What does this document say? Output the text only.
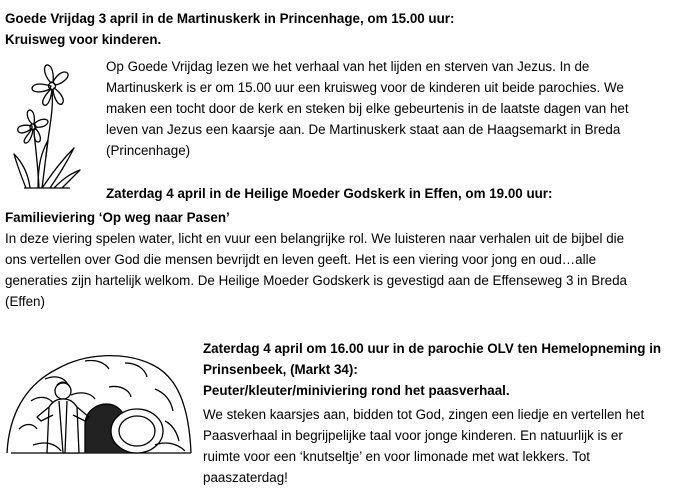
Goede Vrijdag 3 april in de Martinuskerk in Princenhage, om 15.00 uur:
Kruisweg voor kinderen.
Op Goede Vrijdag lezen we het verhaal van het lijden en sterven van Jezus. In de
Martinuskerk is er om 15.00 uur een kruisweg voor de kinderen uit beide parochies. We
maken een tocht door de kerk en steken bij elke gebeurtenis in de laatste dagen van het
leven van Jezus een kaarsje aan. De Martinuskerk staat aan de Haagsemarkt in Breda
(Princenhage)
Zaterdag 4 april in de Heilige Moeder Godskerk in Effen, om 19.00 uur:
Familieviering ‘Op weg naar Pasen’
In deze viering spelen water, licht en vuur een belangrijke rol. We luisteren naar verhalen uit de bijbel die
ons vertellen over God die mensen bevrijdt en leven geeft. Het is een viering voor jong en oud…alle
generaties zijn hartelijk welkom. De Heilige Moeder Godskerk is gevestigd aan de Effenseweg 3 in Breda
(Effen)
Zaterdag 4 april om 16.00 uur in de parochie OLV ten Hemelopneming in
Prinsenbeek, (Markt 34):
Peuter/kleuter/miniviering rond het paasverhaal.
We steken kaarsjes aan, bidden tot God, zingen een liedje en vertellen het
Paasverhaal in begrijpelijke taal voor jonge kinderen. En natuurlijk is er
ruimte voor een ‘knutseltje’ en voor limonade met wat lekkers. Tot
paaszaterdag!
